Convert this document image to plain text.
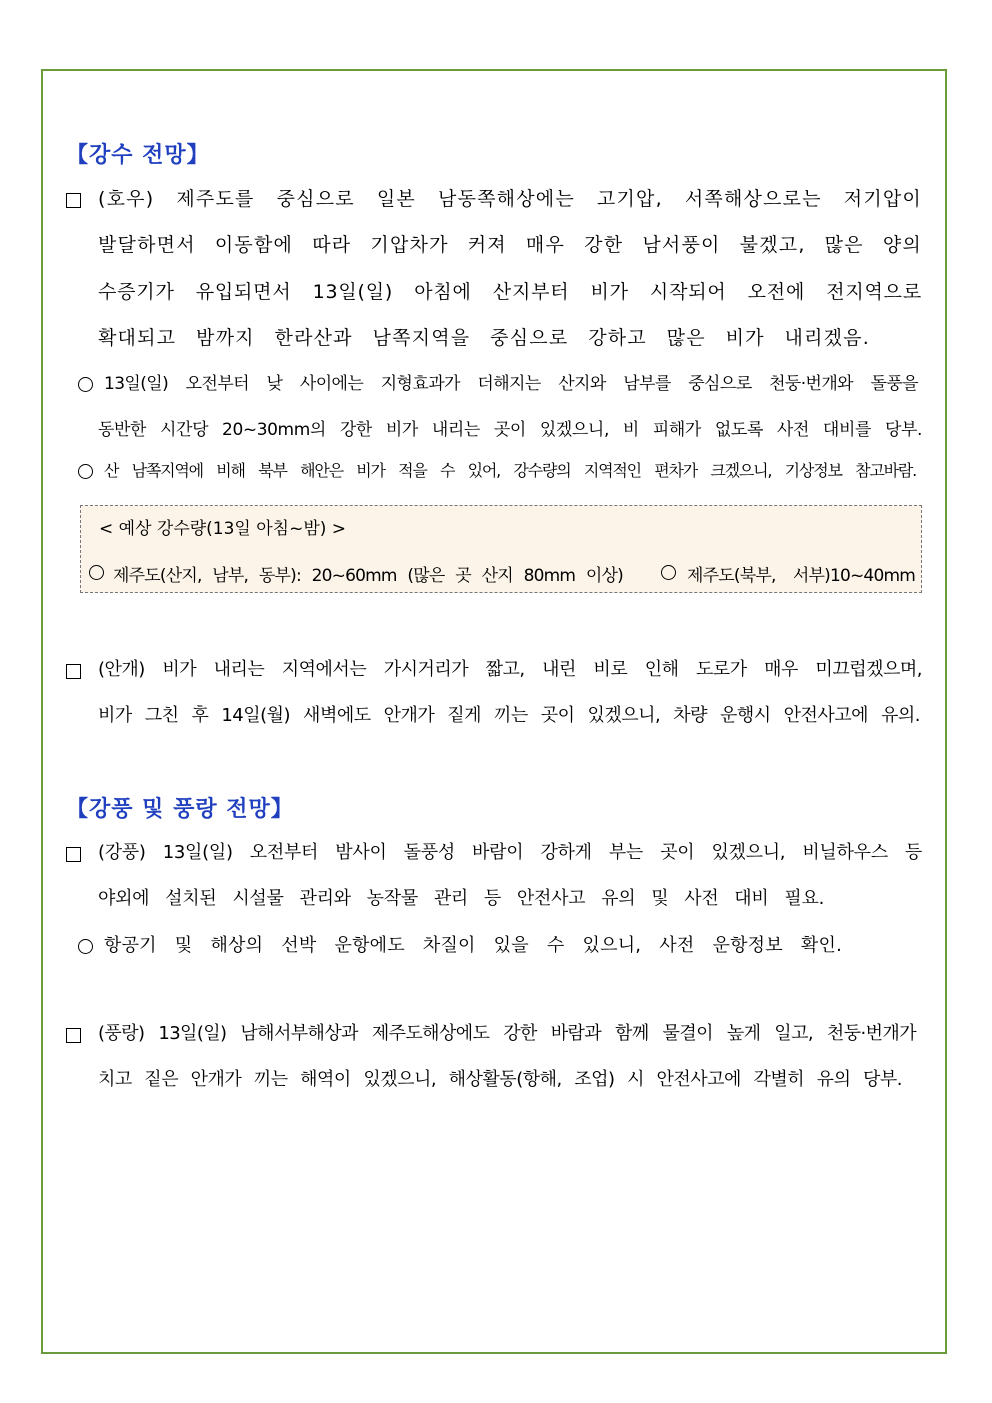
【강수 전망】
(호우) 제주도를 중심으로 일본 남동쪽해상에는 고기압, 서쪽해상으로는 저기압이
발달하면서 이동함에 따라 기압차가 커져 매우 강한 남서풍이 불겠고, 많은 양의
수증기가 유입되면서 13일(일) 아침에 산지부터 비가 시작되어 오전에 전지역으로
확대되고 밤까지 한라산과 남쪽지역을 중심으로 강하고 많은 비가 내리겠음.
13일(일) 오전부터 낮 사이에는 지형효과가 더해지는 산지와 남부를 중심으로 천둥·번개와 돌풍을
동반한 시간당 20~30mm의 강한 비가 내리는 곳이 있겠으니, 비 피해가 없도록 사전 대비를 당부.
산 남쪽지역에 비해 북부 해안은 비가 적을 수 있어, 강수량의 지역적인 편차가 크겠으니, 기상정보 참고바람.
< 예상 강수량(13일 아침~밤) >
제주도(산지, 남부, 동부): 20~60mm (많은 곳 산지 80mm 이상)	제주도(북부, 서부)10~40mm
(안개) 비가 내리는 지역에서는 가시거리가 짧고, 내린 비로 인해 도로가 매우 미끄럽겠으며,
비가 그친 후 14일(월) 새벽에도 안개가 짙게 끼는 곳이 있겠으니, 차량 운행시 안전사고에 유의.
【강풍 및 풍랑 전망】
(강풍) 13일(일) 오전부터 밤사이 돌풍성 바람이 강하게 부는 곳이 있겠으니, 비닐하우스 등
야외에 설치된 시설물 관리와 농작물 관리 등 안전사고 유의 및 사전 대비 필요.
항공기 및 해상의 선박 운항에도 차질이 있을 수 있으니, 사전 운항정보 확인.
(풍랑) 13일(일) 남해서부해상과 제주도해상에도 강한 바람과 함께 물결이 높게 일고, 천둥·번개가
치고 짙은 안개가 끼는 해역이 있겠으니, 해상활동(항해, 조업) 시 안전사고에 각별히 유의 당부.
